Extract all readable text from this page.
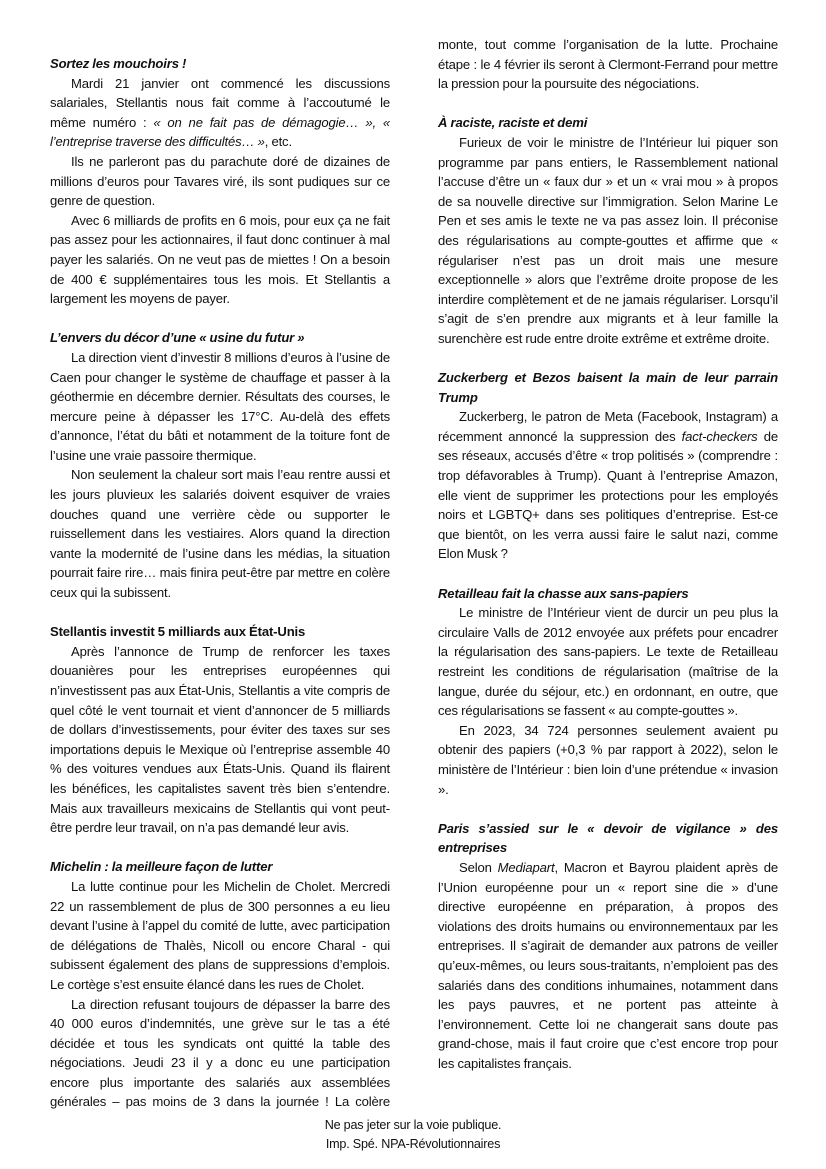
Sortez les mouchoirs !

Mardi 21 janvier ont commencé les discussions salariales, Stellantis nous fait comme à l’accoutumé le même numéro : « on ne fait pas de démagogie… », « l’entreprise traverse des difficultés… », etc.

Ils ne parleront pas du parachute doré de dizaines de millions d’euros pour Tavares viré, ils sont pudiques sur ce genre de question.

Avec 6 milliards de profits en 6 mois, pour eux ça ne fait pas assez pour les actionnaires, il faut donc continuer à mal payer les salariés. On ne veut pas de miettes ! On a besoin de 400 € supplémentaires tous les mois. Et Stellantis a largement les moyens de payer.

L’envers du décor d’une « usine du futur »

La direction vient d’investir 8 millions d’euros à l’usine de Caen pour changer le système de chauffage et passer à la géothermie en décembre dernier. Résultats des courses, le mercure peine à dépasser les 17°C. Au-delà des effets d’annonce, l’état du bâti et notamment de la toiture font de l’usine une vraie passoire thermique.

Non seulement la chaleur sort mais l’eau rentre aussi et les jours pluvieux les salariés doivent esquiver de vraies douches quand une verrière cède ou supporter le ruissellement dans les vestiaires. Alors quand la direction vante la modernité de l’usine dans les médias, la situation pourrait faire rire… mais finira peut-être par mettre en colère ceux qui la subissent.

Stellantis investit 5 milliards aux État-Unis

Après l’annonce de Trump de renforcer les taxes douanières pour les entreprises européennes qui n’investissent pas aux État-Unis, Stellantis a vite compris de quel côté le vent tournait et vient d’annoncer de 5 milliards de dollars d’investissements, pour éviter des taxes sur ses importations depuis le Mexique où l’entreprise assemble 40 % des voitures vendues aux États-Unis. Quand ils flairent les bénéfices, les capitalistes savent très bien s’entendre. Mais aux travailleurs mexicains de Stellantis qui vont peut-être perdre leur travail, on n’a pas demandé leur avis.

Michelin : la meilleure façon de lutter

La lutte continue pour les Michelin de Cholet. Mercredi 22 un rassemblement de plus de 300 personnes a eu lieu devant l’usine à l’appel du comité de lutte, avec participation de délégations de Thalès, Nicoll ou encore Charal - qui subissent également des plans de suppressions d’emplois. Le cortège s’est ensuite élancé dans les rues de Cholet.

La direction refusant toujours de dépasser la barre des 40 000 euros d’indemnités, une grève sur le tas a été décidée et tous les syndicats ont quitté la table des négociations. Jeudi 23 il y a donc eu une participation encore plus importante des salariés aux assemblées générales – pas moins de 3 dans la journée ! La colère

monte, tout comme l’organisation de la lutte. Prochaine étape : le 4 février ils seront à Clermont-Ferrand pour mettre la pression pour la poursuite des négociations.

À raciste, raciste et demi

Furieux de voir le ministre de l’Intérieur lui piquer son programme par pans entiers, le Rassemblement national l’accuse d’être un « faux dur » et un « vrai mou » à propos de sa nouvelle directive sur l’immigration. Selon Marine Le Pen et ses amis le texte ne va pas assez loin. Il préconise des régularisations au compte-gouttes et affirme que « régulariser n’est pas un droit mais une mesure exceptionnelle » alors que l’extrême droite propose de les interdire complètement et de ne jamais régulariser. Lorsqu’il s’agit de s’en prendre aux migrants et à leur famille la surenchère est rude entre droite extrême et extrême droite.

Zuckerberg et Bezos baisent la main de leur parrain Trump

Zuckerberg, le patron de Meta (Facebook, Instagram) a récemment annoncé la suppression des fact-checkers de ses réseaux, accusés d’être « trop politisés » (comprendre : trop défavorables à Trump). Quant à l’entreprise Amazon, elle vient de supprimer les protections pour les employés noirs et LGBTQ+ dans ses politiques d’entreprise. Est-ce que bientôt, on les verra aussi faire le salut nazi, comme Elon Musk ?

Retailleau fait la chasse aux sans-papiers

Le ministre de l’Intérieur vient de durcir un peu plus la circulaire Valls de 2012 envoyée aux préfets pour encadrer la régularisation des sans-papiers. Le texte de Retailleau restreint les conditions de régularisation (maîtrise de la langue, durée du séjour, etc.) en ordonnant, en outre, que ces régularisations se fassent « au compte-gouttes ».

En 2023, 34 724 personnes seulement avaient pu obtenir des papiers (+0,3 % par rapport à 2022), selon le ministère de l’Intérieur : bien loin d’une prétendue « invasion ».

Paris s’assied sur le « devoir de vigilance » des entreprises

Selon Mediapart, Macron et Bayrou plaident après de l’Union européenne pour un « report sine die » d’une directive européenne en préparation, à propos des violations des droits humains ou environnementaux par les entreprises. Il s’agirait de demander aux patrons de veiller qu’eux-mêmes, ou leurs sous-traitants, n’emploient pas des salariés dans des conditions inhumaines, notamment dans les pays pauvres, et ne portent pas atteinte à l’environnement. Cette loi ne changerait sans doute pas grand-chose, mais il faut croire que c’est encore trop pour les capitalistes français.

Ne pas jeter sur la voie publique.
Imp. Spé. NPA-Révolutionnaires
